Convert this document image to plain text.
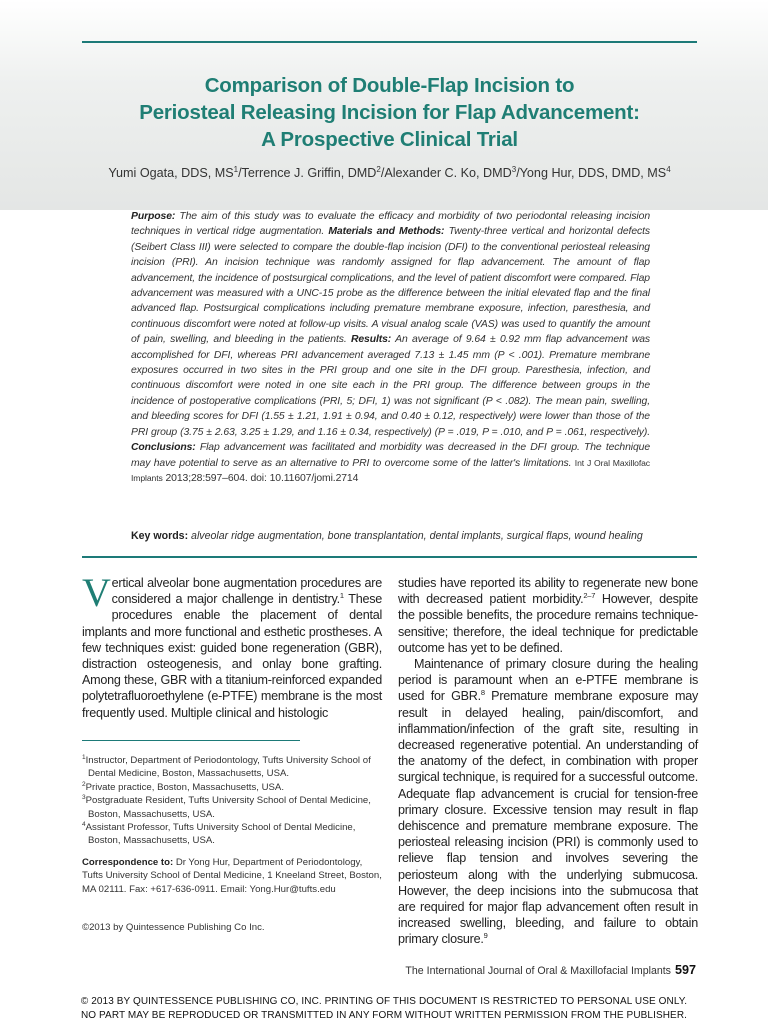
Comparison of Double-Flap Incision to
Periosteal Releasing Incision for Flap Advancement:
A Prospective Clinical Trial
Yumi Ogata, DDS, $MS^1$/Terrence J. Griffin, DMD$^2$/Alexander C. Ko, DMD$^3$/Yong Hur, DDS, DMD, $MS^4$
Purpose: The aim of this study was to evaluate the efficacy and morbidity of two periodontal releasing incision techniques in vertical ridge augmentation. Materials and Methods: Twenty-three vertical and horizontal defects (Seibert Class III) were selected to compare the double-flap incision (DFI) to the conventional periosteal releasing incision (PRI). An incision technique was randomly assigned for flap advancement. The amount of flap advancement, the incidence of postsurgical complications, and the level of patient discomfort were compared. Flap advancement was measured with a UNC-15 probe as the difference between the initial elevated flap and the final advanced flap. Postsurgical complications including premature membrane exposure, infection, paresthesia, and continuous discomfort were noted at follow-up visits. A visual analog scale (VAS) was used to quantify the amount of pain, swelling, and bleeding in the patients. Results: An average of 9.64 ± 0.92 mm flap advancement was accomplished for DFI, whereas PRI advancement averaged 7.13 ± 1.45 mm (P < .001). Premature membrane exposures occurred in two sites in the PRI group and one site in the DFI group. Paresthesia, infection, and continuous discomfort were noted in one site each in the PRI group. The difference between groups in the incidence of postoperative complications (PRI, 5; DFI, 1) was not significant (P < .082). The mean pain, swelling, and bleeding scores for DFI (1.55 ± 1.21, 1.91 ± 0.94, and 0.40 ± 0.12, respectively) were lower than those of the PRI group (3.75 ± 2.63, 3.25 ± 1.29, and 1.16 ± 0.34, respectively) (P = .019, P = .010, and P = .061, respectively). Conclusions: Flap advancement was facilitated and morbidity was decreased in the DFI group. The technique may have potential to serve as an alternative to PRI to overcome some of the latter's limitations. Int J Oral Maxillofac Implants 2013;28:597–604. doi: 10.11607/jomi.2714
Key words: alveolar ridge augmentation, bone transplantation, dental implants, surgical flaps, wound healing

Vertical alveolar bone augmentation procedures are considered a major challenge in dentistry.$^1$ These procedures enable the placement of dental implants and more functional and esthetic prostheses. A few techniques exist: guided bone regeneration (GBR), distraction osteogenesis, and onlay bone grafting. Among these, GBR with a titanium-reinforced expanded polytetrafluoroethylene (e-PTFE) membrane is the most frequently used. Multiple clinical and histologic

$^1$Instructor, Department of Periodontology, Tufts University School of Dental Medicine, Boston, Massachusetts, USA.
$^2$Private practice, Boston, Massachusetts, USA.
$^3$Postgraduate Resident, Tufts University School of Dental Medicine, Boston, Massachusetts, USA.
$^4$Assistant Professor, Tufts University School of Dental Medicine, Boston, Massachusetts, USA.
Correspondence to: Dr Yong Hur, Department of Periodontology, Tufts University School of Dental Medicine, 1 Kneeland Street, Boston, MA 02111. Fax: +617-636-0911. Email: Yong.Hur@tufts.edu
©2013 by Quintessence Publishing Co Inc.

studies have reported its ability to regenerate new bone with decreased patient morbidity.$^{2-7}$ However, despite the possible benefits, the procedure remains technique-sensitive; therefore, the ideal technique for predictable outcome has yet to be defined.

Maintenance of primary closure during the healing period is paramount when an e-PTFE membrane is used for GBR.$^8$ Premature membrane exposure may result in delayed healing, pain/discomfort, and inflammation/infection of the graft site, resulting in decreased regenerative potential. An understanding of the anatomy of the defect, in combination with proper surgical technique, is required for a successful outcome. Adequate flap advancement is crucial for tension-free primary closure. Excessive tension may result in flap dehiscence and premature membrane exposure. The periosteal releasing incision (PRI) is commonly used to relieve flap tension and involves severing the periosteum along with the underlying submucosa. However, the deep incisions into the submucosa that are required for major flap advancement often result in increased swelling, bleeding, and failure to obtain primary closure.$^9$

The International Journal of Oral & Maxillofacial Implants 597
© 2013 BY QUINTESSENCE PUBLISHING CO, INC. PRINTING OF THIS DOCUMENT IS RESTRICTED TO PERSONAL USE ONLY.
NO PART MAY BE REPRODUCED OR TRANSMITTED IN ANY FORM WITHOUT WRITTEN PERMISSION FROM THE PUBLISHER.
